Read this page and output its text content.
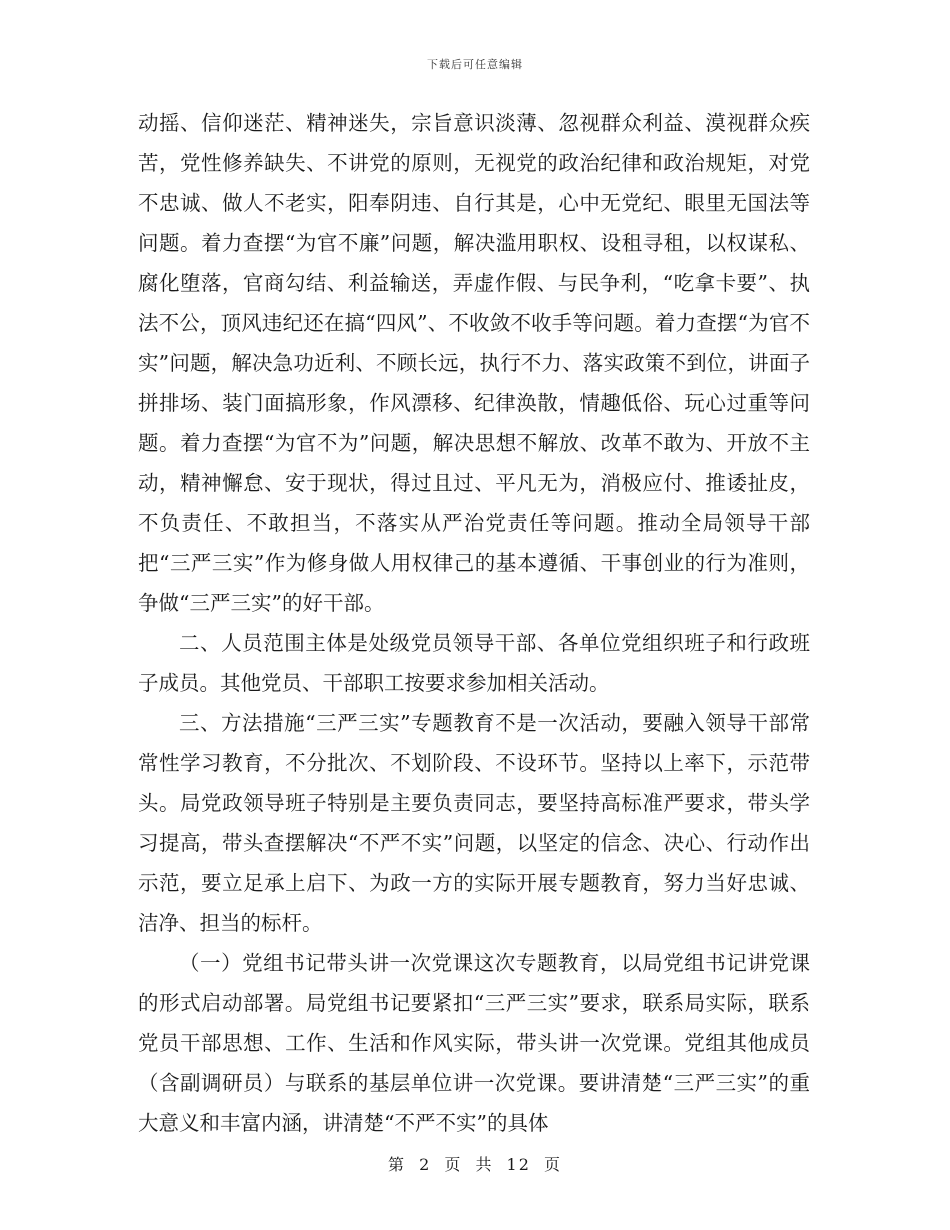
下载后可任意编辑

动摇、信仰迷茫、精神迷失，宗旨意识淡薄、忽视群众利益、漠视群众疾苦，党性修养缺失、不讲党的原则，无视党的政治纪律和政治规矩，对党不忠诚、做人不老实，阳奉阴违、自行其是，心中无党纪、眼里无国法等问题。着力查摆“为官不廉”问题，解决滥用职权、设租寻租，以权谋私、腐化堕落，官商勾结、利益输送，弄虚作假、与民争利，“吃拿卡要”、执法不公，顶风违纪还在搞“四风”、不收敛不收手等问题。着力查摆“为官不实”问题，解决急功近利、不顾长远，执行不力、落实政策不到位，讲面子拼排场、装门面搞形象，作风漂移、纪律涣散，情趣低俗、玩心过重等问题。着力查摆“为官不为”问题，解决思想不解放、改革不敢为、开放不主动，精神懈怠、安于现状，得过且过、平凡无为，消极应付、推诿扯皮，不负责任、不敢担当，不落实从严治党责任等问题。推动全局领导干部把“三严三实”作为修身做人用权律己的基本遵循、干事创业的行为准则，争做“三严三实”的好干部。

二、人员范围主体是处级党员领导干部、各单位党组织班子和行政班子成员。其他党员、干部职工按要求参加相关活动。

三、方法措施“三严三实”专题教育不是一次活动，要融入领导干部常常性学习教育，不分批次、不划阶段、不设环节。坚持以上率下，示范带头。局党政领导班子特别是主要负责同志，要坚持高标准严要求，带头学习提高，带头查摆解决“不严不实”问题，以坚定的信念、决心、行动作出示范，要立足承上启下、为政一方的实际开展专题教育，努力当好忠诚、洁净、担当的标杆。

（一）党组书记带头讲一次党课这次专题教育，以局党组书记讲党课的形式启动部署。局党组书记要紧扣“三严三实”要求，联系局实际，联系党员干部思想、工作、生活和作风实际，带头讲一次党课。党组其他成员（含副调研员）与联系的基层单位讲一次党课。要讲清楚“三严三实”的重大意义和丰富内涵，讲清楚“不严不实”的具体

第 2 页 共 12 页
